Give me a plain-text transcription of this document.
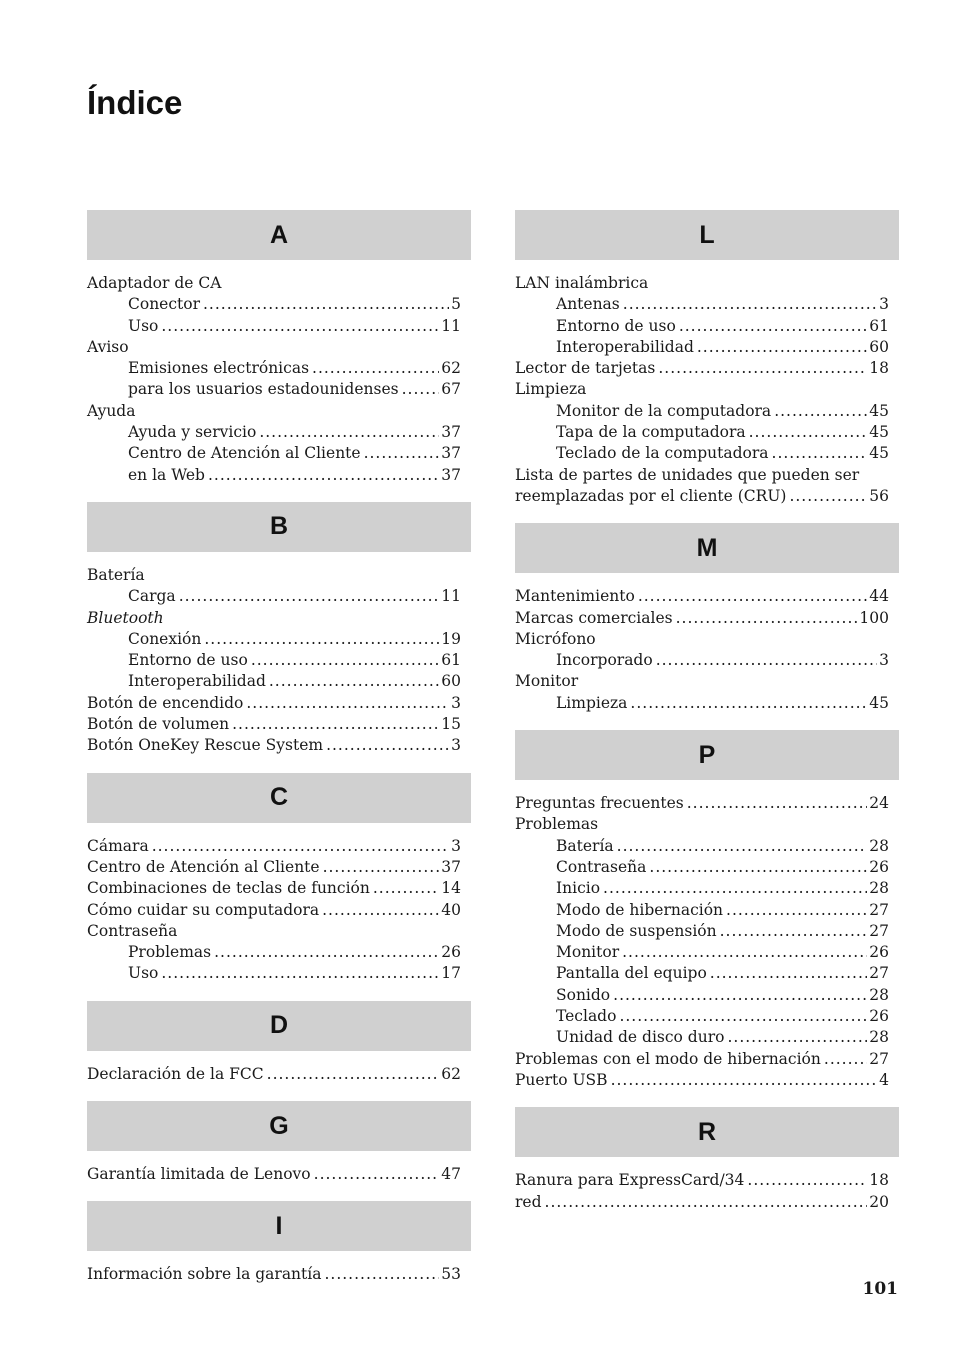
Índice
A
Adaptador de CA
Conector .....	5
Uso .....	11
Aviso
Emisiones electrónicas .....	62
para los usuarios estadounidenses .....	67
Ayuda
Ayuda y servicio .....	37
Centro de Atención al Cliente .....	37
en la Web .....	37
B
Batería
Carga .....	11
Bluetooth
Conexión .....	19
Entorno de uso .....	61
Interoperabilidad .....	60
Botón de encendido .....	3
Botón de volumen .....	15
Botón OneKey Rescue System .....	3
C
Cámara .....	3
Centro de Atención al Cliente .....	37
Combinaciones de teclas de función .....	14
Cómo cuidar su computadora .....	40
Contraseña
Problemas .....	26
Uso .....	17
D
Declaración de la FCC .....	62
G
Garantía limitada de Lenovo .....	47
I
Información sobre la garantía .....	53
L
LAN inalámbrica
Antenas .....	3
Entorno de uso .....	61
Interoperabilidad .....	60
Lector de tarjetas .....	18
Limpieza
Monitor de la computadora .....	45
Tapa de la computadora .....	45
Teclado de la computadora .....	45
Lista de partes de unidades que pueden ser
reemplazadas por el cliente (CRU) .....	56
M
Mantenimiento .....	44
Marcas comerciales .....	100
Micrófono
Incorporado .....	3
Monitor
Limpieza .....	45
P
Preguntas frecuentes .....	24
Problemas
Batería .....	28
Contraseña .....	26
Inicio .....	28
Modo de hibernación .....	27
Modo de suspensión .....	27
Monitor .....	26
Pantalla del equipo .....	27
Sonido .....	28
Teclado .....	26
Unidad de disco duro .....	28
Problemas con el modo de hibernación .....	27
Puerto USB .....	4
R
Ranura para ExpressCard/34 .....	18
red .....	20
101
